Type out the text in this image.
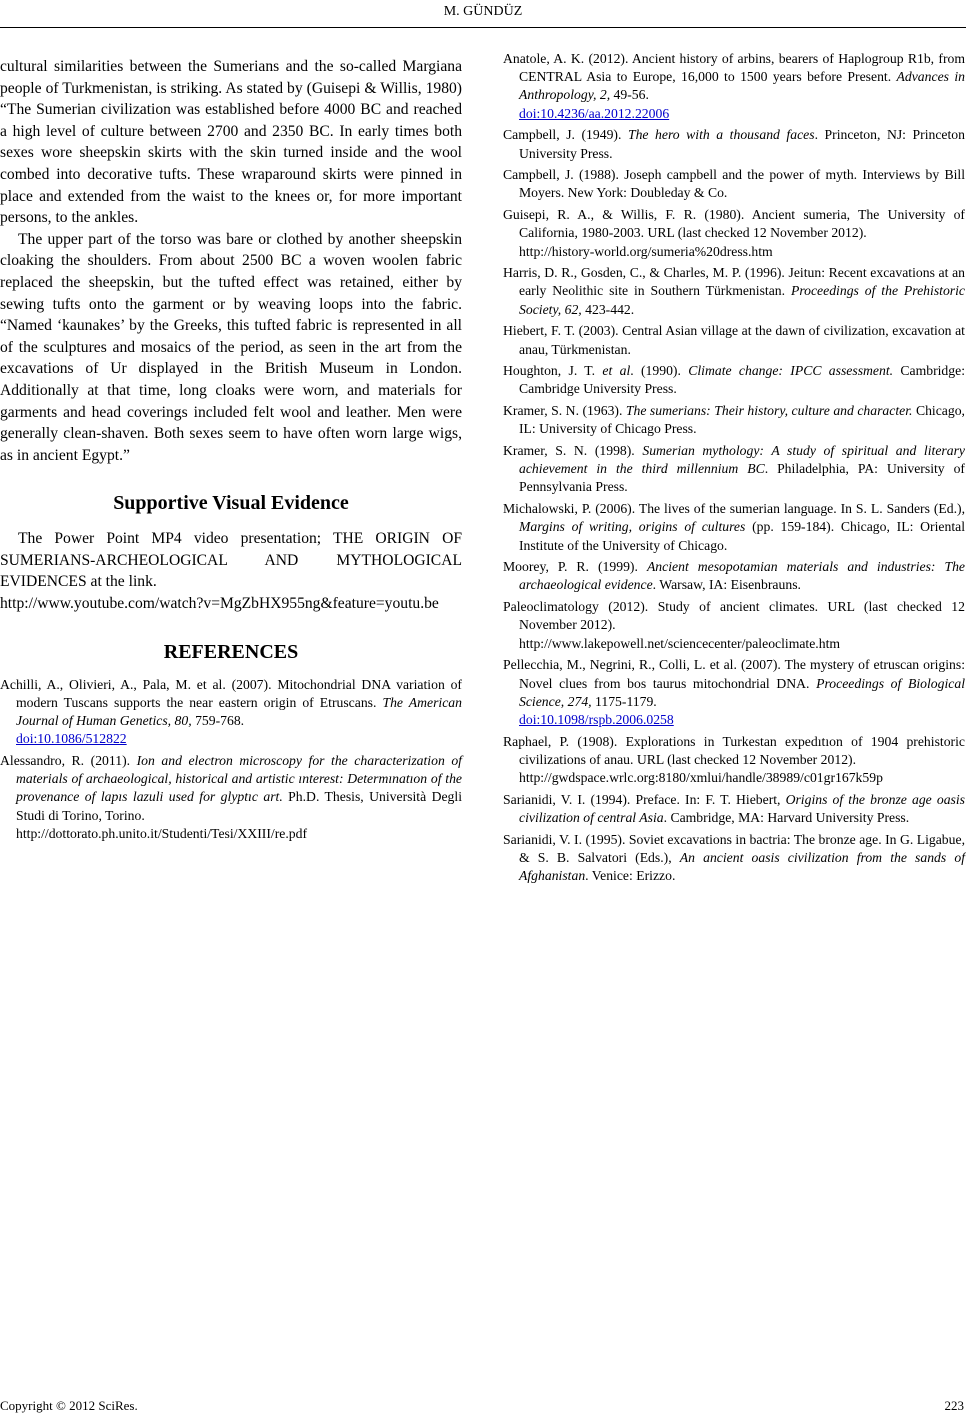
M. GÜNDÜZ

cultural similarities between the Sumerians and the so-called Margiana people of Turkmenistan, is striking. As stated by (Guisepi & Willis, 1980) “The Sumerian civilization was established before 4000 BC and reached a high level of culture between 2700 and 2350 BC. In early times both sexes wore sheepskin skirts with the skin turned inside and the wool combed into decorative tufts. These wraparound skirts were pinned in place and extended from the waist to the knees or, for more important persons, to the ankles.

The upper part of the torso was bare or clothed by another sheepskin cloaking the shoulders. From about 2500 BC a woven woolen fabric replaced the sheepskin, but the tufted effect was retained, either by sewing tufts onto the garment or by weaving loops into the fabric. “Named ‘kaunakes’ by the Greeks, this tufted fabric is represented in all of the sculptures and mosaics of the period, as seen in the art from the excavations of Ur displayed in the British Museum in London. Additionally at that time, long cloaks were worn, and materials for garments and head coverings included felt wool and leather. Men were generally clean-shaven. Both sexes seem to have often worn large wigs, as in ancient Egypt.”

Supportive Visual Evidence

The Power Point MP4 video presentation; THE ORIGIN OF SUMERIANS-ARCHEOLOGICAL AND MYTHOLOGICAL EVIDENCES at the link.

http://www.youtube.com/watch?v=MgZbHX955ng&feature=youtu.be

REFERENCES

Achilli, A., Olivieri, A., Pala, M. et al. (2007). Mitochondrial DNA variation of modern Tuscans supports the near eastern origin of Etruscans. The American Journal of Human Genetics, 80, 759-768.
doi:10.1086/512822

Alessandro, R. (2011). Ion and electron microscopy for the characterization of materials of archaeological, historical and artistic ınterest: Determınatıon of the provenance of lapıs lazuli used for glyptıc art. Ph.D. Thesis, Università Degli Studi di Torino, Torino.
http://dottorato.ph.unito.it/Studenti/Tesi/XXIII/re.pdf

Anatole, A. K. (2012). Ancient history of arbins, bearers of Haplogroup R1b, from CENTRAL Asia to Europe, 16,000 to 1500 years before Present. Advances in Anthropology, 2, 49-56.
doi:10.4236/aa.2012.22006

Campbell, J. (1949). The hero with a thousand faces. Princeton, NJ: Princeton University Press.

Campbell, J. (1988). Joseph campbell and the power of myth. Interviews by Bill Moyers. New York: Doubleday & Co.

Guisepi, R. A., & Willis, F. R. (1980). Ancient sumeria, The University of California, 1980-2003. URL (last checked 12 November 2012).
http://history-world.org/sumeria%20dress.htm

Harris, D. R., Gosden, C., & Charles, M. P. (1996). Jeitun: Recent excavations at an early Neolithic site in Southern Türkmenistan. Proceedings of the Prehistoric Society, 62, 423-442.

Hiebert, F. T. (2003). Central Asian village at the dawn of civilization, excavation at anau, Türkmenistan.

Houghton, J. T. et al. (1990). Climate change: IPCC assessment. Cambridge: Cambridge University Press.

Kramer, S. N. (1963). The sumerians: Their history, culture and character. Chicago, IL: University of Chicago Press.

Kramer, S. N. (1998). Sumerian mythology: A study of spiritual and literary achievement in the third millennium BC. Philadelphia, PA: University of Pennsylvania Press.

Michalowski, P. (2006). The lives of the sumerian language. In S. L. Sanders (Ed.), Margins of writing, origins of cultures (pp. 159-184). Chicago, IL: Oriental Institute of the University of Chicago.

Moorey, P. R. (1999). Ancient mesopotamian materials and industries: The archaeological evidence. Warsaw, IA: Eisenbrauns.

Paleoclimatology (2012). Study of ancient climates. URL (last checked 12 November 2012).
http://www.lakepowell.net/sciencecenter/paleoclimate.htm

Pellecchia, M., Negrini, R., Colli, L. et al. (2007). The mystery of etruscan origins: Novel clues from bos taurus mitochondrial DNA. Proceedings of Biological Science, 274, 1175-1179.
doi:10.1098/rspb.2006.0258

Raphael, P. (1908). Explorations in Turkestan expedıtıon of 1904 prehistoric civilizations of anau. URL (last checked 12 November 2012).
http://gwdspace.wrlc.org:8180/xmlui/handle/38989/c01gr167k59p

Sarianidi, V. I. (1994). Preface. In: F. T. Hiebert, Origins of the bronze age oasis civilization of central Asia. Cambridge, MA: Harvard University Press.

Sarianidi, V. I. (1995). Soviet excavations in bactria: The bronze age. In G. Ligabue, & S. B. Salvatori (Eds.), An ancient oasis civilization from the sands of Afghanistan. Venice: Erizzo.

Copyright © 2012 SciRes.	223
